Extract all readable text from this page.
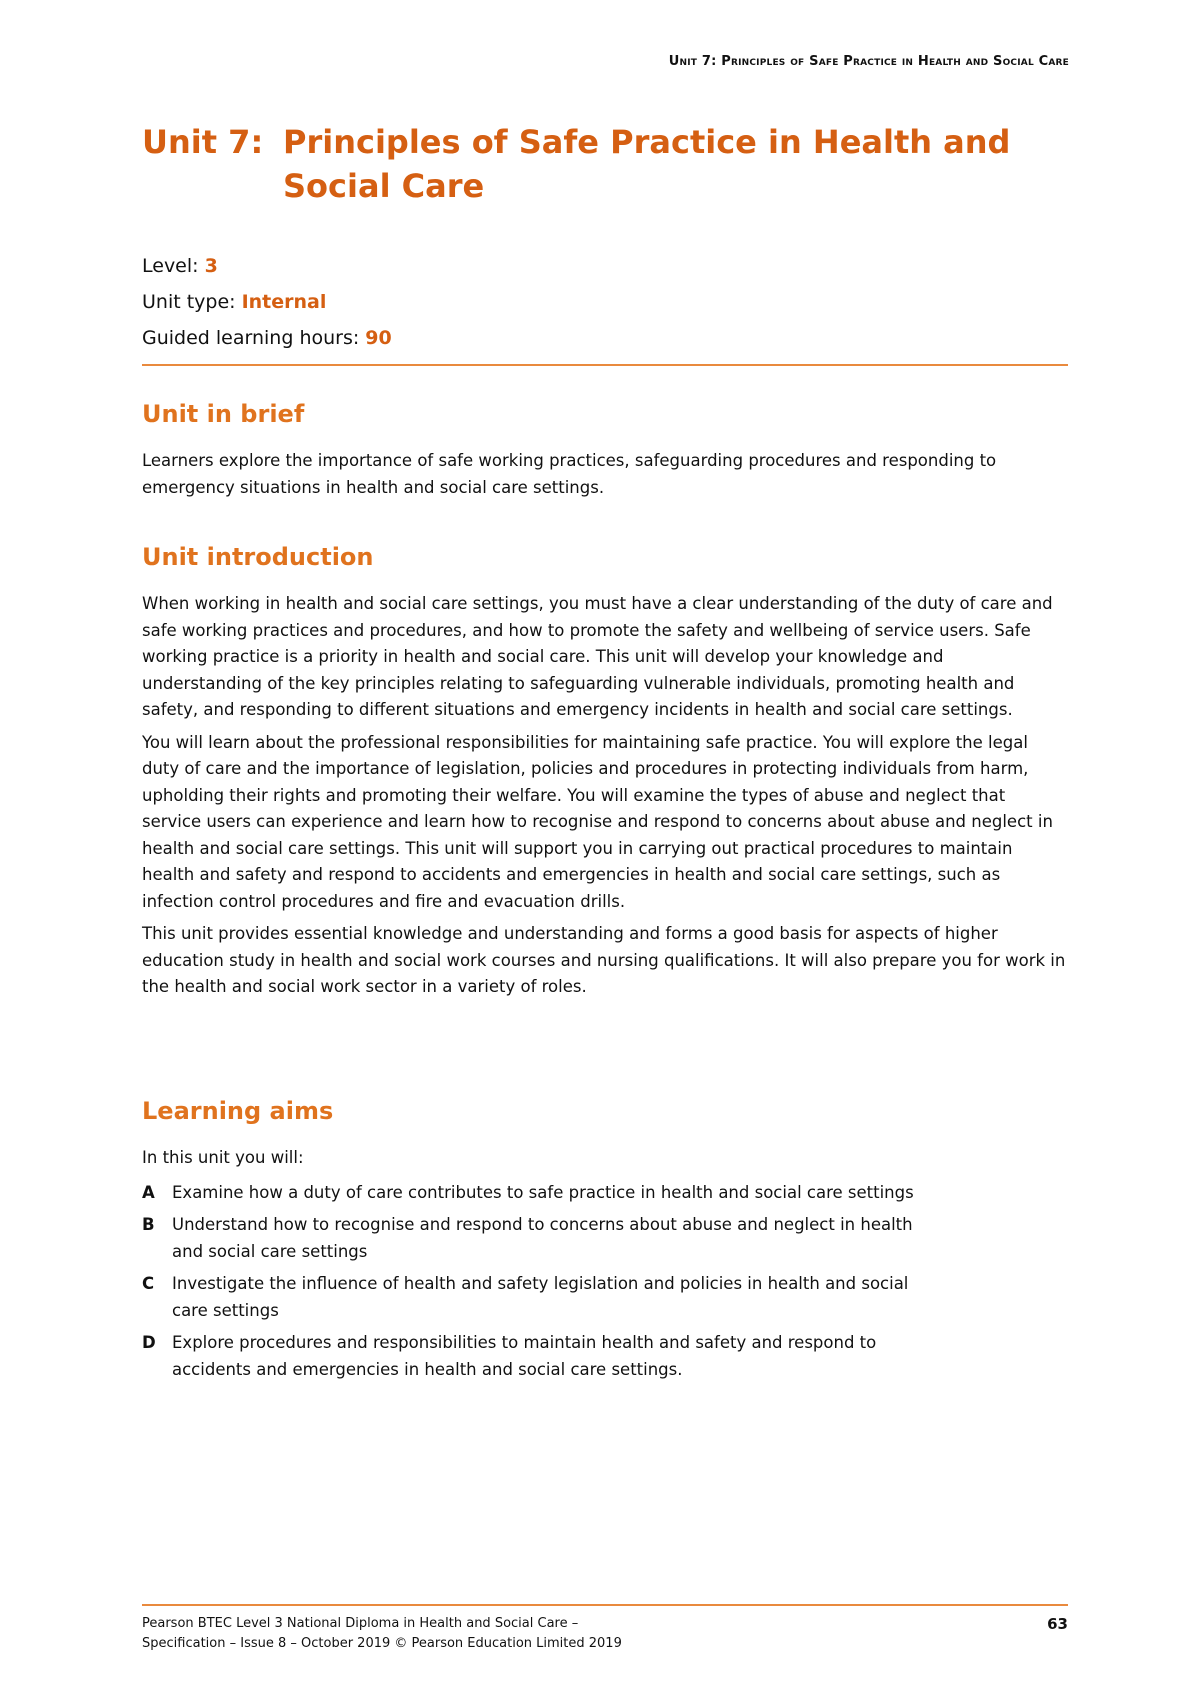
Unit 7: Principles of Safe Practice in Health and Social Care
Unit 7: Principles of Safe Practice in Health and
Social Care
Level: 3
Unit type: Internal
Guided learning hours: 90
Unit in brief

Learners explore the importance of safe working practices, safeguarding procedures and responding to emergency situations in health and social care settings.

Unit introduction

When working in health and social care settings, you must have a clear understanding of the duty of care and safe working practices and procedures, and how to promote the safety and wellbeing of service users. Safe working practice is a priority in health and social care. This unit will develop your knowledge and understanding of the key principles relating to safeguarding vulnerable individuals, promoting health and safety, and responding to different situations and emergency incidents in health and social care settings.

You will learn about the professional responsibilities for maintaining safe practice. You will explore the legal duty of care and the importance of legislation, policies and procedures in protecting individuals from harm, upholding their rights and promoting their welfare. You will examine the types of abuse and neglect that service users can experience and learn how to recognise and respond to concerns about abuse and neglect in health and social care settings. This unit will support you in carrying out practical procedures to maintain health and safety and respond to accidents and emergencies in health and social care settings, such as infection control procedures and fire and evacuation drills.

This unit provides essential knowledge and understanding and forms a good basis for aspects of higher education study in health and social work courses and nursing qualifications. It will also prepare you for work in the health and social work sector in a variety of roles.

Learning aims

In this unit you will:

A	Examine how a duty of care contributes to safe practice in health and social care settings
B	Understand how to recognise and respond to concerns about abuse and neglect in health and social care settings
C	Investigate the influence of health and safety legislation and policies in health and social care settings
D Explore procedures and responsibilities to maintain health and safety and respond to accidents and emergencies in health and social care settings.
Pearson BTEC Level 3 National Diploma in Health and Social Care –
Specification – Issue 8 – October 2019 © Pearson Education Limited 2019
63
